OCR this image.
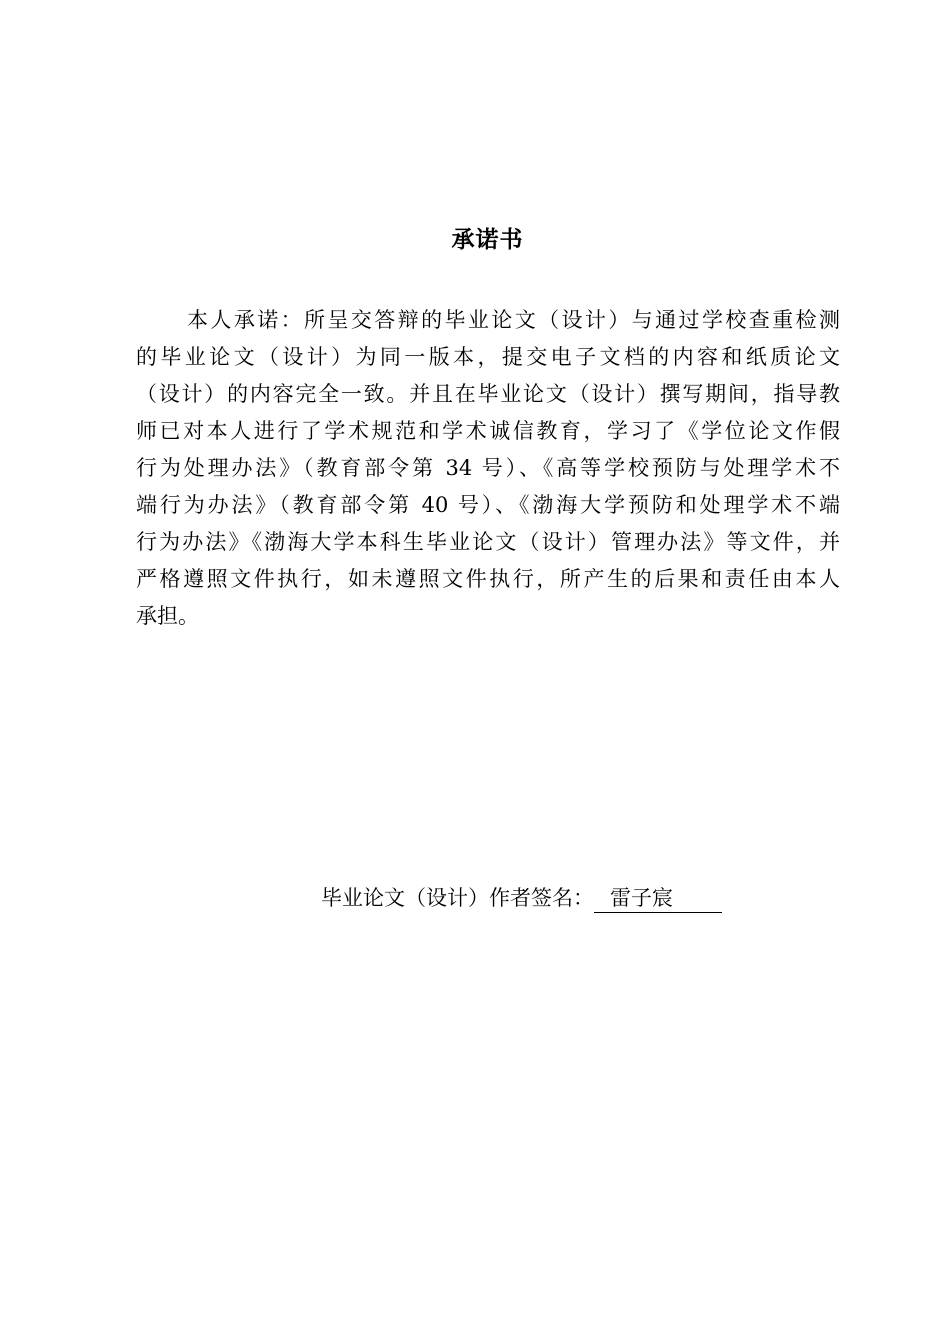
承诺书
本人承诺：所呈交答辩的毕业论文（设计）与通过学校查重检测
的毕业论文（设计）为同一版本，提交电子文档的内容和纸质论文
（设计）的内容完全一致。并且在毕业论文（设计）撰写期间，指导教
师已对本人进行了学术规范和学术诚信教育，学习了《学位论文作假
行为处理办法》（教育部令第 34 号）、《高等学校预防与处理学术不
端行为办法》（教育部令第 40 号）、《渤海大学预防和处理学术不端
行为办法》《渤海大学本科生毕业论文（设计）管理办法》等文件，并
严格遵照文件执行，如未遵照文件执行，所产生的后果和责任由本人
承担。
毕业论文（设计）作者签名： 雷子宸
